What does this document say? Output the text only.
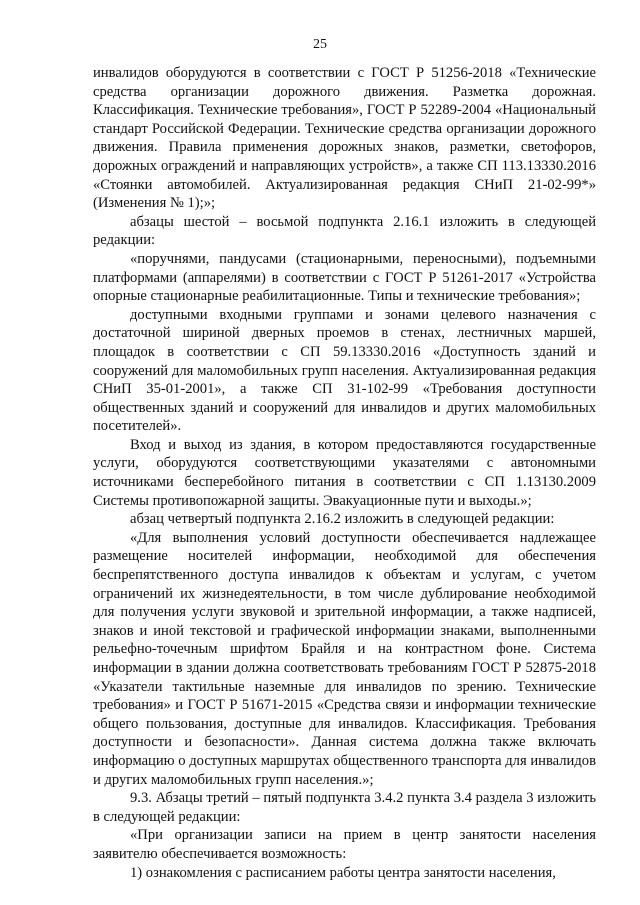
25

инвалидов оборудуются в соответствии с ГОСТ Р 51256-2018 «Технические средства организации дорожного движения. Разметка дорожная. Классификация. Технические требования», ГОСТ Р 52289-2004 «Национальный стандарт Российской Федерации. Технические средства организации дорожного движения. Правила применения дорожных знаков, разметки, светофоров, дорожных ограждений и направляющих устройств», а также СП 113.13330.2016 «Стоянки автомобилей. Актуализированная редакция СНиП 21-02-99*» (Изменения № 1);»;

абзацы шестой – восьмой подпункта 2.16.1 изложить в следующей редакции:

«поручнями, пандусами (стационарными, переносными), подъемными платформами (аппарелями) в соответствии с ГОСТ Р 51261-2017 «Устройства опорные стационарные реабилитационные. Типы и технические требования»;

доступными входными группами и зонами целевого назначения с достаточной шириной дверных проемов в стенах, лестничных маршей, площадок в соответствии с СП 59.13330.2016 «Доступность зданий и сооружений для маломобильных групп населения. Актуализированная редакция СНиП 35-01-2001», а также СП 31-102-99 «Требования доступности общественных зданий и сооружений для инвалидов и других маломобильных посетителей».

Вход и выход из здания, в котором предоставляются государственные услуги, оборудуются соответствующими указателями с автономными источниками бесперебойного питания в соответствии с СП 1.13130.2009 Системы противопожарной защиты. Эвакуационные пути и выходы.»;

абзац четвертый подпункта 2.16.2 изложить в следующей редакции:

«Для выполнения условий доступности обеспечивается надлежащее размещение носителей информации, необходимой для обеспечения беспрепятственного доступа инвалидов к объектам и услугам, с учетом ограничений их жизнедеятельности, в том числе дублирование необходимой для получения услуги звуковой и зрительной информации, а также надписей, знаков и иной текстовой и графической информации знаками, выполненными рельефно-точечным шрифтом Брайля и на контрастном фоне. Система информации в здании должна соответствовать требованиям ГОСТ Р 52875-2018 «Указатели тактильные наземные для инвалидов по зрению. Технические требования» и ГОСТ Р 51671-2015 «Средства связи и информации технические общего пользования, доступные для инвалидов. Классификация. Требования доступности и безопасности». Данная система должна также включать информацию о доступных маршрутах общественного транспорта для инвалидов и других маломобильных групп населения.»;

9.3. Абзацы третий – пятый подпункта 3.4.2 пункта 3.4 раздела 3 изложить в следующей редакции:

«При организации записи на прием в центр занятости населения заявителю обеспечивается возможность:

1) ознакомления с расписанием работы центра занятости населения,
